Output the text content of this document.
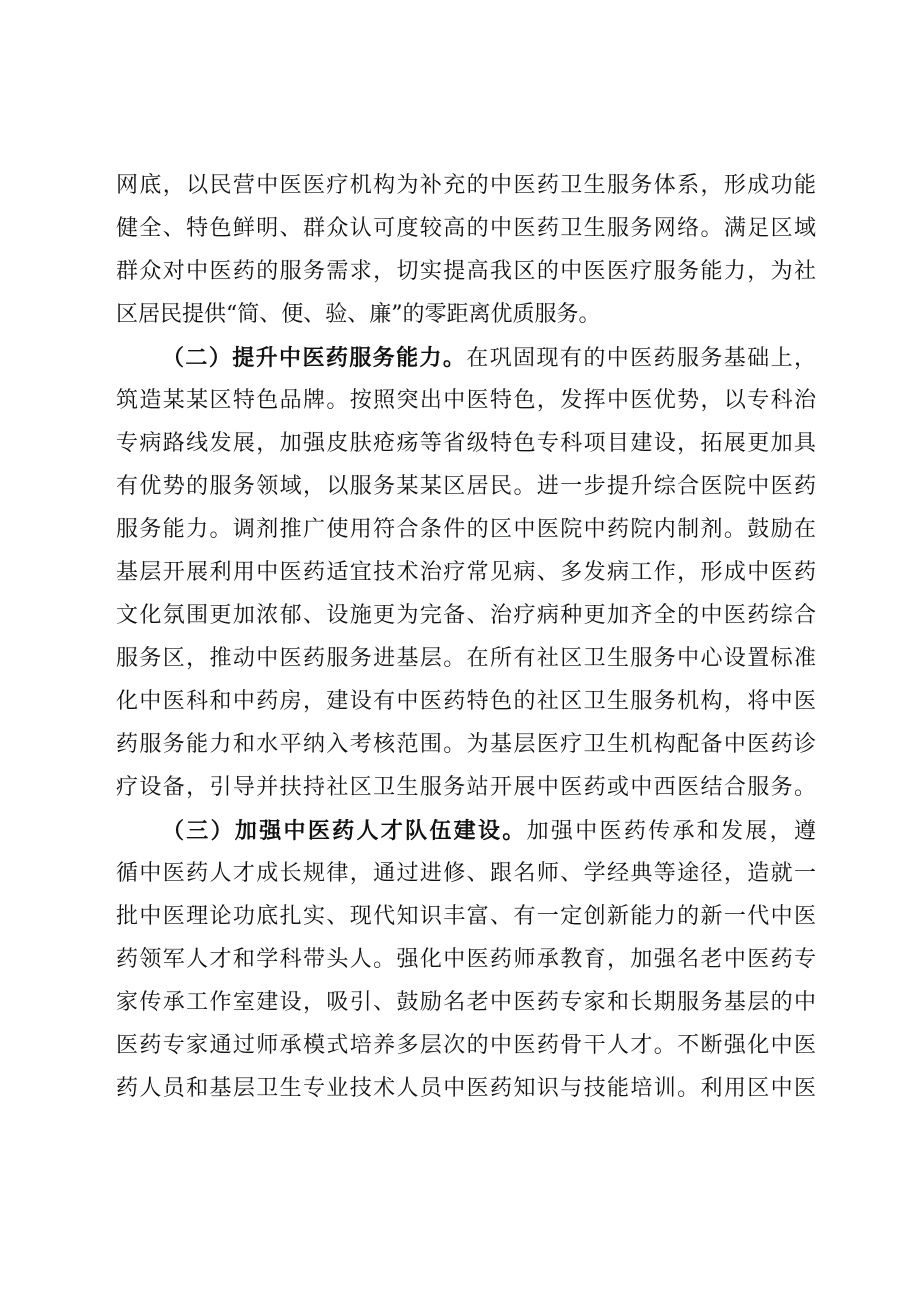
网底，以民营中医医疗机构为补充的中医药卫生服务体系，形成功能
健全、特色鲜明、群众认可度较高的中医药卫生服务网络。满足区域
群众对中医药的服务需求，切实提高我区的中医医疗服务能力，为社
区居民提供“简、便、验、廉”的零距离优质服务。
（二）提升中医药服务能力。在巩固现有的中医药服务基础上，
筑造某某区特色品牌。按照突出中医特色，发挥中医优势，以专科治
专病路线发展，加强皮肤疮疡等省级特色专科项目建设，拓展更加具
有优势的服务领域，以服务某某区居民。进一步提升综合医院中医药
服务能力。调剂推广使用符合条件的区中医院中药院内制剂。鼓励在
基层开展利用中医药适宜技术治疗常见病、多发病工作，形成中医药
文化氛围更加浓郁、设施更为完备、治疗病种更加齐全的中医药综合
服务区，推动中医药服务进基层。在所有社区卫生服务中心设置标准
化中医科和中药房，建设有中医药特色的社区卫生服务机构，将中医
药服务能力和水平纳入考核范围。为基层医疗卫生机构配备中医药诊
疗设备，引导并扶持社区卫生服务站开展中医药或中西医结合服务。
（三）加强中医药人才队伍建设。加强中医药传承和发展，遵
循中医药人才成长规律，通过进修、跟名师、学经典等途径，造就一
批中医理论功底扎实、现代知识丰富、有一定创新能力的新一代中医
药领军人才和学科带头人。强化中医药师承教育，加强名老中医药专
家传承工作室建设，吸引、鼓励名老中医药专家和长期服务基层的中
医药专家通过师承模式培养多层次的中医药骨干人才。不断强化中医
药人员和基层卫生专业技术人员中医药知识与技能培训。利用区中医
